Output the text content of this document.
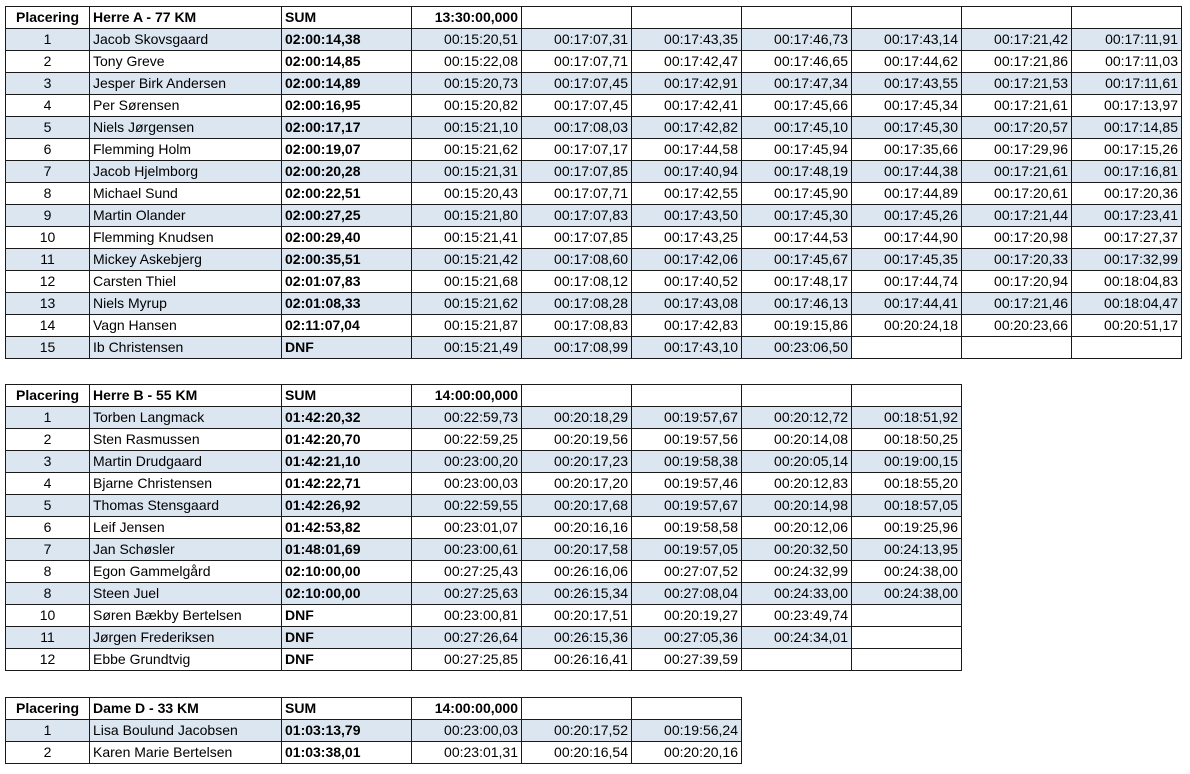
Placering	Herre A - 77 KM	SUM	13:30:00,000						
1	Jacob Skovsgaard	02:00:14,38	00:15:20,51	00:17:07,31	00:17:43,35	00:17:46,73	00:17:43,14	00:17:21,42	00:17:11,91
2	Tony Greve	02:00:14,85	00:15:22,08	00:17:07,71	00:17:42,47	00:17:46,65	00:17:44,62	00:17:21,86	00:17:11,03
3	Jesper Birk Andersen	02:00:14,89	00:15:20,73	00:17:07,45	00:17:42,91	00:17:47,34	00:17:43,55	00:17:21,53	00:17:11,61
4	Per Sørensen	02:00:16,95	00:15:20,82	00:17:07,45	00:17:42,41	00:17:45,66	00:17:45,34	00:17:21,61	00:17:13,97
5	Niels Jørgensen	02:00:17,17	00:15:21,10	00:17:08,03	00:17:42,82	00:17:45,10	00:17:45,30	00:17:20,57	00:17:14,85
6	Flemming Holm	02:00:19,07	00:15:21,62	00:17:07,17	00:17:44,58	00:17:45,94	00:17:35,66	00:17:29,96	00:17:15,26
7	Jacob Hjelmborg	02:00:20,28	00:15:21,31	00:17:07,85	00:17:40,94	00:17:48,19	00:17:44,38	00:17:21,61	00:17:16,81
8	Michael Sund	02:00:22,51	00:15:20,43	00:17:07,71	00:17:42,55	00:17:45,90	00:17:44,89	00:17:20,61	00:17:20,36
9	Martin Olander	02:00:27,25	00:15:21,80	00:17:07,83	00:17:43,50	00:17:45,30	00:17:45,26	00:17:21,44	00:17:23,41
10	Flemming Knudsen	02:00:29,40	00:15:21,41	00:17:07,85	00:17:43,25	00:17:44,53	00:17:44,90	00:17:20,98	00:17:27,37
11	Mickey Askebjerg	02:00:35,51	00:15:21,42	00:17:08,60	00:17:42,06	00:17:45,67	00:17:45,35	00:17:20,33	00:17:32,99
12	Carsten Thiel	02:01:07,83	00:15:21,68	00:17:08,12	00:17:40,52	00:17:48,17	00:17:44,74	00:17:20,94	00:18:04,83
13	Niels Myrup	02:01:08,33	00:15:21,62	00:17:08,28	00:17:43,08	00:17:46,13	00:17:44,41	00:17:21,46	00:18:04,47
14	Vagn Hansen	02:11:07,04	00:15:21,87	00:17:08,83	00:17:42,83	00:19:15,86	00:20:24,18	00:20:23,66	00:20:51,17
15	Ib Christensen	DNF	00:15:21,49	00:17:08,99	00:17:43,10	00:23:06,50			
Placering	Herre B - 55 KM	SUM	14:00:00,000				
1	Torben Langmack	01:42:20,32	00:22:59,73	00:20:18,29	00:19:57,67	00:20:12,72	00:18:51,92
2	Sten Rasmussen	01:42:20,70	00:22:59,25	00:20:19,56	00:19:57,56	00:20:14,08	00:18:50,25
3	Martin Drudgaard	01:42:21,10	00:23:00,20	00:20:17,23	00:19:58,38	00:20:05,14	00:19:00,15
4	Bjarne Christensen	01:42:22,71	00:23:00,03	00:20:17,20	00:19:57,46	00:20:12,83	00:18:55,20
5	Thomas Stensgaard	01:42:26,92	00:22:59,55	00:20:17,68	00:19:57,67	00:20:14,98	00:18:57,05
6	Leif Jensen	01:42:53,82	00:23:01,07	00:20:16,16	00:19:58,58	00:20:12,06	00:19:25,96
7	Jan Schøsler	01:48:01,69	00:23:00,61	00:20:17,58	00:19:57,05	00:20:32,50	00:24:13,95
8	Egon Gammelgård	02:10:00,00	00:27:25,43	00:26:16,06	00:27:07,52	00:24:32,99	00:24:38,00
8	Steen Juel	02:10:00,00	00:27:25,63	00:26:15,34	00:27:08,04	00:24:33,00	00:24:38,00
10	Søren Bækby Bertelsen	DNF	00:23:00,81	00:20:17,51	00:20:19,27	00:23:49,74	
11	Jørgen Frederiksen	DNF	00:27:26,64	00:26:15,36	00:27:05,36	00:24:34,01	
12	Ebbe Grundtvig	DNF	00:27:25,85	00:26:16,41	00:27:39,59		
Placering	Dame D - 33 KM	SUM	14:00:00,000		
1	Lisa Boulund Jacobsen	01:03:13,79	00:23:00,03	00:20:17,52	00:19:56,24
2	Karen Marie Bertelsen	01:03:38,01	00:23:01,31	00:20:16,54	00:20:20,16
